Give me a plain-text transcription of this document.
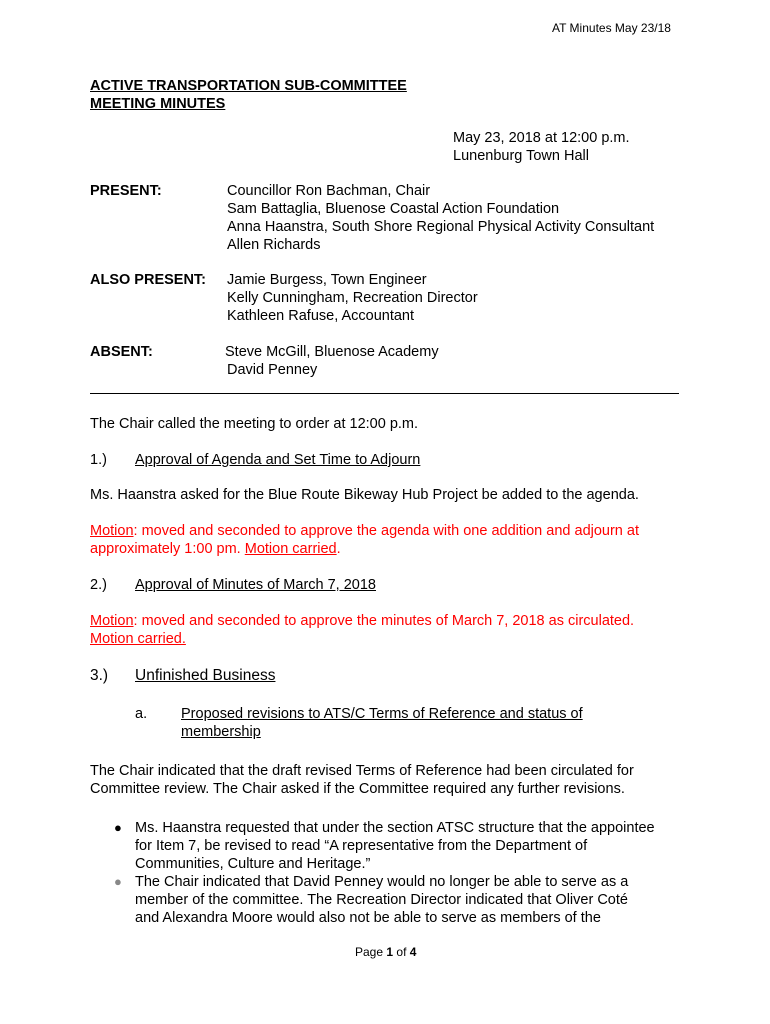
AT Minutes May 23/18
ACTIVE TRANSPORTATION SUB-COMMITTEE
MEETING MINUTES
May 23, 2018 at 12:00 p.m.
Lunenburg Town Hall
PRESENT:	Councillor Ron Bachman, Chair
Sam Battaglia, Bluenose Coastal Action Foundation
Anna Haanstra, South Shore Regional Physical Activity Consultant
Allen Richards
ALSO PRESENT: Jamie Burgess, Town Engineer
Kelly Cunningham, Recreation Director
Kathleen Rafuse, Accountant
ABSENT:	Steve McGill, Bluenose Academy
David Penney
The Chair called the meeting to order at 12:00 p.m.
1.) Approval of Agenda and Set Time to Adjourn
Ms. Haanstra asked for the Blue Route Bikeway Hub Project be added to the agenda.
Motion: moved and seconded to approve the agenda with one addition and adjourn at
approximately 1:00 pm. Motion carried.
2.) Approval of Minutes of March 7, 2018
Motion: moved and seconded to approve the minutes of March 7, 2018 as circulated.
Motion carried.
3.) Unfinished Business
a. Proposed revisions to ATS/C Terms of Reference and status of
membership
The Chair indicated that the draft revised Terms of Reference had been circulated for
Committee review. The Chair asked if the Committee required any further revisions.
● Ms. Haanstra requested that under the section ATSC structure that the appointee
for Item 7, be revised to read “A representative from the Department of
Communities, Culture and Heritage.”
● The Chair indicated that David Penney would no longer be able to serve as a
member of the committee. The Recreation Director indicated that Oliver Coté
and Alexandra Moore would also not be able to serve as members of the
Page 1 of 4
